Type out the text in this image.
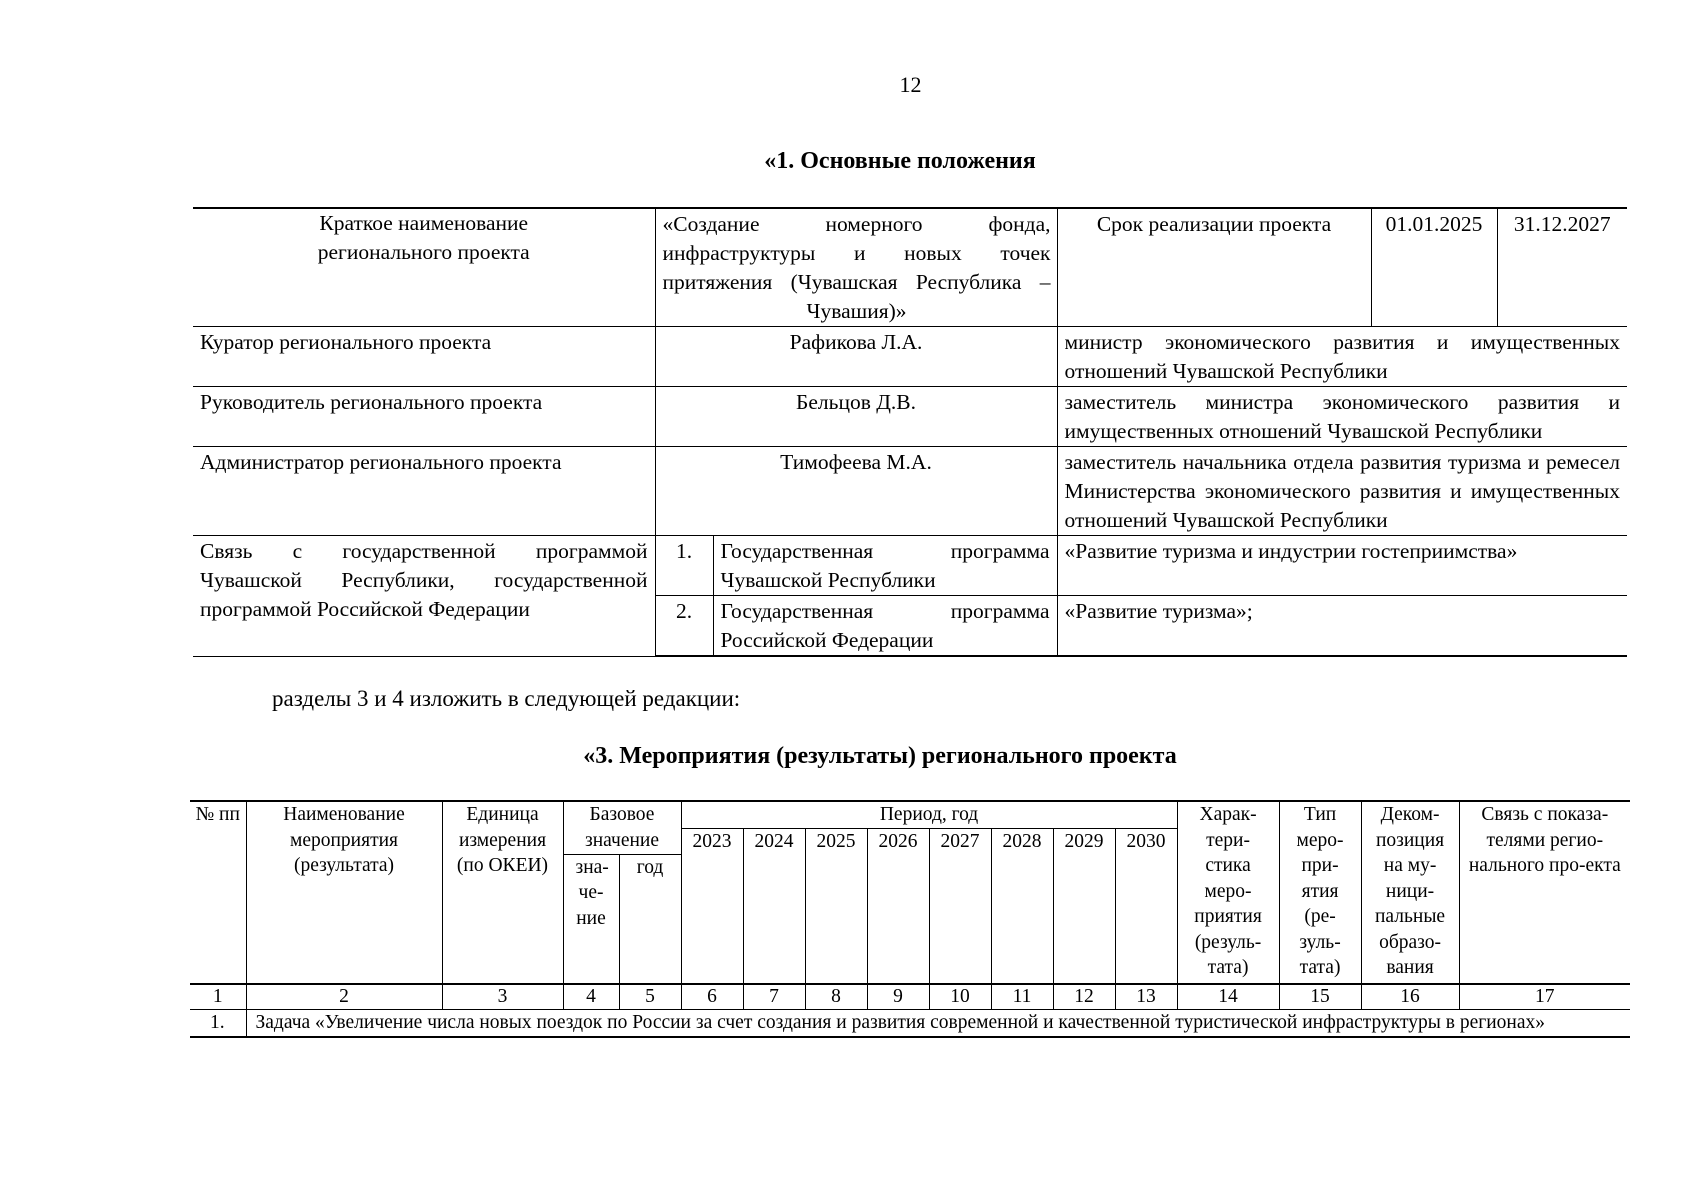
12
«1. Основные положения
Краткое наименование регионального проекта	«Создание номерного фонда, инфраструктуры и новых точек притяжения (Чувашская Республика – Чувашия)»		Срок реализации проекта	01.01.2025	31.12.2027
Куратор регионального проекта	Рафикова Л.А.		министр экономического развития и имущественных отношений Чувашской Республики		
Руководитель регионального проекта	Бельцов Д.В.		заместитель министра экономического развития и имущественных отношений Чувашской Республики		
Администратор регионального проекта	Тимофеева М.А.		заместитель начальника отдела развития туризма и ремесел Министерства экономического развития и имущественных отношений Чувашской Республики		
Связь с государственной программой Чувашской Республики, государственной программой Российской Федерации	1.	Государственная программа Чувашской Республики	«Развитие туризма и индустрии гостеприимства»		
	2.	Государственная программа Российской Федерации	«Развитие туризма»;		
разделы 3 и 4 изложить в следующей редакции:
«3. Мероприятия (результаты) регионального проекта
№ пп	Наименование мероприятия (результата)	Единица измерения (по ОКЕИ)	Базовое значение		Период, год								Харак-тери-стика меро-приятия (резуль-тата)	Тип меро-при-ятия (ре-зуль-тата)	Деком-позиция на му-ници-пальные образо-вания	Связь с показа-телями регио-нального про-екта
					2023	2024	2025	2026	2027	2028	2029	2030				
			зна-че-ние	год												
1	2	3	4	5	6	7	8	9	10	11	12	13	14	15	16	17
1.	Задача «Увеличение числа новых поездок по России за счет создания и развития современной и качественной туристической инфраструктуры в регионах»															
